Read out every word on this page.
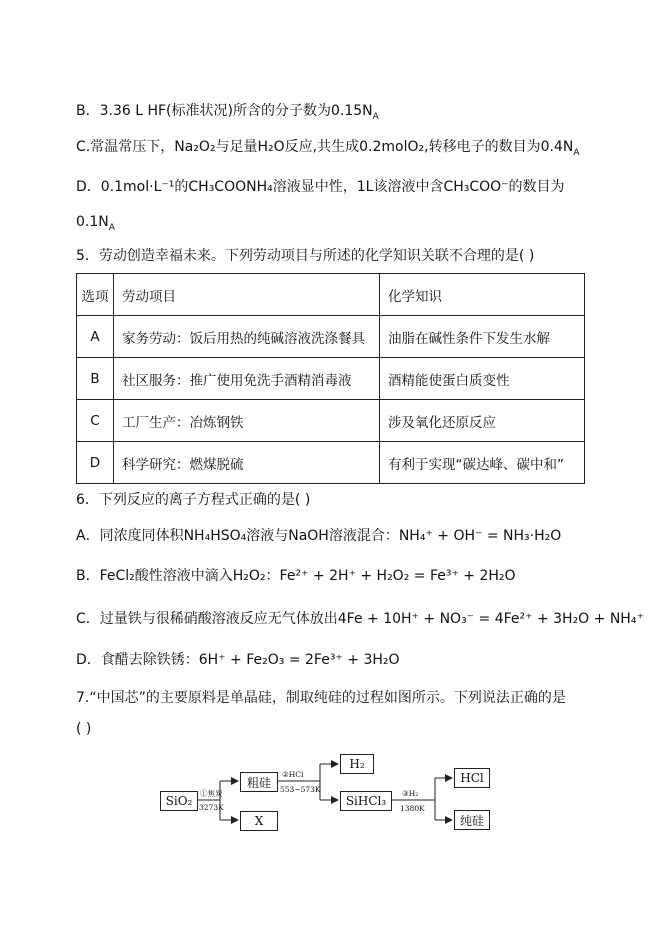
B．3.36 L HF(标准状况)所含的分子数为$0.15N_A$
C.常温常压下，Na₂O₂与足量H₂O反应,共生成0.2molO₂,转移电子的数目为$0.4N_A$
D．0.1mol·L⁻¹的CH₃COONH₄溶液显中性，1L该溶液中含CH₃COO⁻的数目为
$0.1N_A$
5．劳动创造幸福未来。下列劳动项目与所述的化学知识关联不合理的是( )
选项	劳动项目	化学知识
A	家务劳动：饭后用热的纯碱溶液洗涤餐具	油脂在碱性条件下发生水解
B	社区服务：推广使用免洗手酒精消毒液	酒精能使蛋白质变性
C	工厂生产：冶炼钢铁	涉及氧化还原反应
D	科学研究：燃煤脱硫	有利于实现“碳达峰、碳中和”
6．下列反应的离子方程式正确的是( )
A．同浓度同体积NH₄HSO₄溶液与NaOH溶液混合：NH₄⁺ + OH⁻ = NH₃·H₂O
B．FeCl₂酸性溶液中滴入H₂O₂：Fe²⁺ + 2H⁺ + H₂O₂ = Fe³⁺ + 2H₂O
C．过量铁与很稀硝酸溶液反应无气体放出4Fe + 10H⁺ + NO₃⁻ = 4Fe²⁺ + 3H₂O + NH₄⁺
D．食醋去除铁锈：6H⁺ + Fe₂O₃ = 2Fe³⁺ + 3H₂O
7.“中国芯”的主要原料是单晶硅，制取纯硅的过程如图所示。下列说法正确的是
( )
SiO₂
①焦炭
3273K
粗硅
X
②HCl
553~573K
H₂
SiHCl₃
③H₂
1380K
HCl
纯硅
